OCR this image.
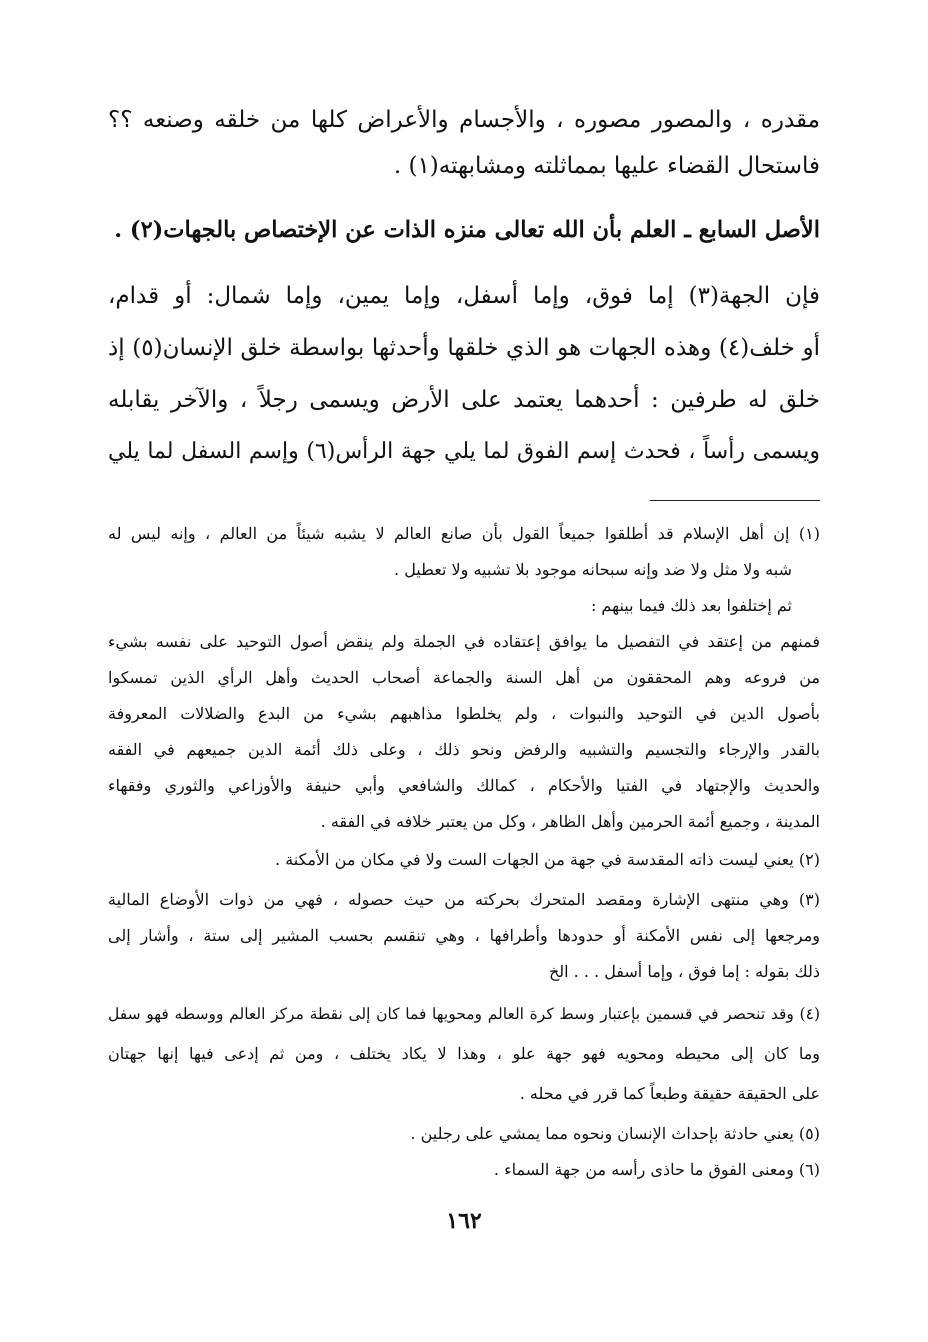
مقدره ، والمصور مصوره ، والأجسام والأعراض كلها من خلقه وصنعه ؟؟
فاستحال القضاء عليها بمماثلته ومشابهته(١) .
الأصل السابع ـ العلم بأن الله تعالى منزه الذات عن الإختصاص بالجهات(٢) .
فإن الجهة(٣) إما فوق، وإما أسفل، وإما يمين، وإما شمال: أو قدام،
أو خلف(٤) وهذه الجهات هو الذي خلقها وأحدثها بواسطة خلق الإنسان(٥) إذ
خلق له طرفين : أحدهما يعتمد على الأرض ويسمى رجلاً ، والآخر يقابله
ويسمى رأساً ، فحدث إسم الفوق لما يلي جهة الرأس(٦) وإسم السفل لما يلي
(١) إن أهل الإسلام قد أطلقوا جميعاً القول بأن صانع العالم لا يشبه شيئاً من العالم ، وإنه ليس له
شبه ولا مثل ولا ضد وإنه سبحانه موجود بلا تشبيه ولا تعطيل .
ثم إختلفوا بعد ذلك فيما بينهم :
فمنهم من إعتقد في التفصيل ما يوافق إعتقاده في الجملة ولم ينقض أصول التوحيد على نفسه بشيء
من فروعه وهم المحققون من أهل السنة والجماعة أصحاب الحديث وأهل الرأي الذين تمسكوا
بأصول الدين في التوحيد والنبوات ، ولم يخلطوا مذاهبهم بشيء من البدع والضلالات المعروفة
بالقدر والإرجاء والتجسيم والتشبيه والرفض ونحو ذلك ، وعلى ذلك أئمة الدين جميعهم في الفقه
والحديث والإجتهاد في الفتيا والأحكام ، كمالك والشافعي وأبي حنيفة والأوزاعي والثوري وفقهاء
المدينة ، وجميع أئمة الحرمين وأهل الظاهر ، وكل من يعتبر خلافه في الفقه .
(٢) يعني ليست ذاته المقدسة في جهة من الجهات الست ولا في مكان من الأمكنة .
(٣) وهي منتهى الإشارة ومقصد المتحرك بحركته من حيث حصوله ، فهي من ذوات الأوضاع المالية
ومرجعها إلى نفس الأمكنة أو حدودها وأطرافها ، وهي تنقسم بحسب المشير إلى ستة ، وأشار إلى
ذلك بقوله : إما فوق ، وإما أسفل . . . الخ
(٤) وقد تنحصر في قسمين بإعتبار وسط كرة العالم ومحويها فما كان إلى نقطة مركز العالم ووسطه فهو سفل
وما كان إلى محيطه ومحويه فهو جهة علو ، وهذا لا يكاد يختلف ، ومن ثم إدعى فيها إنها جهتان
على الحقيقة حقيقة وطبعاً كما قرر في محله .
(٥) يعني حادثة بإحداث الإنسان ونحوه مما يمشي على رجلين .
(٦) ومعنى الفوق ما حاذى رأسه من جهة السماء .
١٦٢
